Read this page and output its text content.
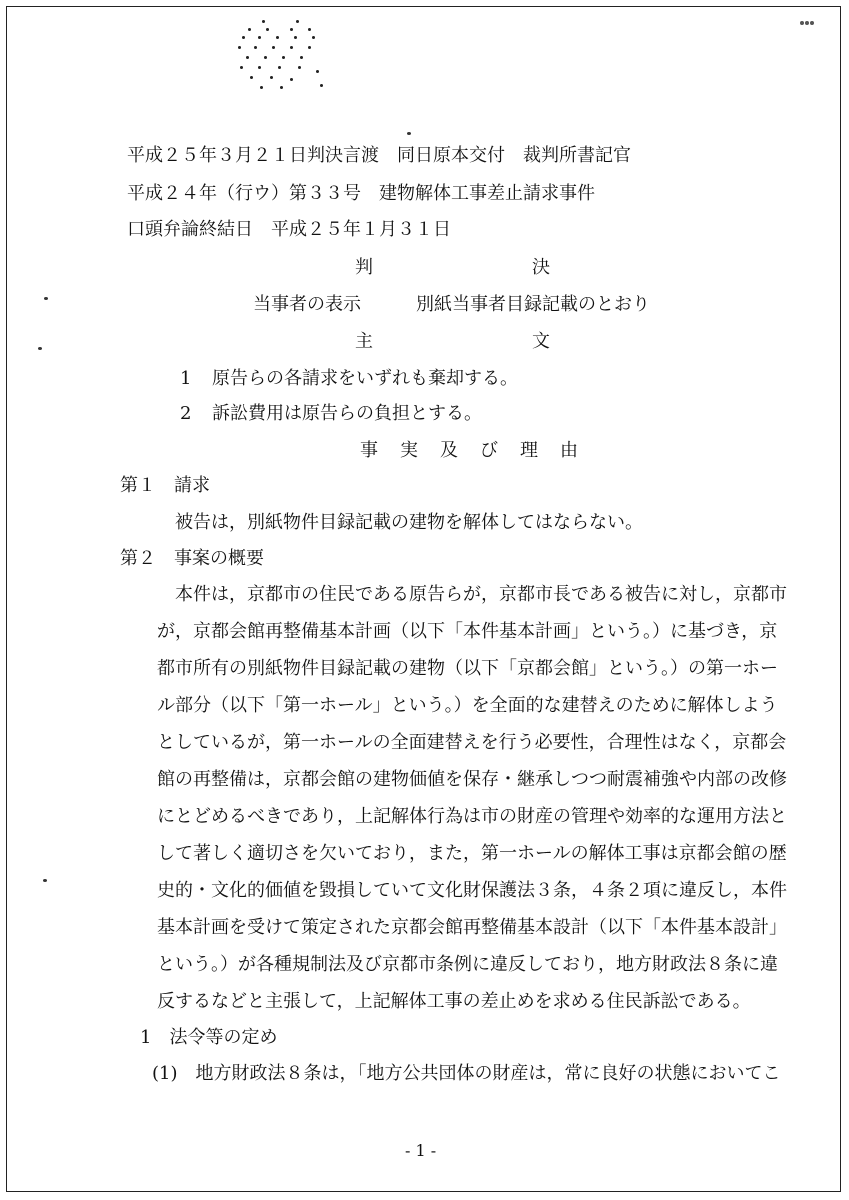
平成２５年３月２１日判決言渡　同日原本交付　裁判所書記官
平成２４年（行ウ）第３３号　建物解体工事差止請求事件
口頭弁論終結日　平成２５年１月３１日
判	決
当事者の表示	別紙当事者目録記載のとおり
主	文
1 原告らの各請求をいずれも棄却する。
2 訴訟費用は原告らの負担とする。
事実及び理由
第１　請求
被告は，別紙物件目録記載の建物を解体してはならない。
第２　事案の概要
本件は，京都市の住民である原告らが，京都市長である被告に対し，京都市
が，京都会館再整備基本計画（以下「本件基本計画」という。）に基づき，京
都市所有の別紙物件目録記載の建物（以下「京都会館」という。）の第一ホー
ル部分（以下「第一ホール」という。）を全面的な建替えのために解体しよう
としているが，第一ホールの全面建替えを行う必要性，合理性はなく，京都会
館の再整備は，京都会館の建物価値を保存・継承しつつ耐震補強や内部の改修
にとどめるべきであり，上記解体行為は市の財産の管理や効率的な運用方法と
して著しく適切さを欠いており，また，第一ホールの解体工事は京都会館の歴
史的・文化的価値を毀損していて文化財保護法３条，４条２項に違反し，本件
基本計画を受けて策定された京都会館再整備基本設計（以下「本件基本設計」
という。）が各種規制法及び京都市条例に違反しており，地方財政法８条に違
反するなどと主張して，上記解体工事の差止めを求める住民訴訟である。
1　法令等の定め
(1)　地方財政法８条は，「地方公共団体の財産は，常に良好の状態においてこ
- 1 -
